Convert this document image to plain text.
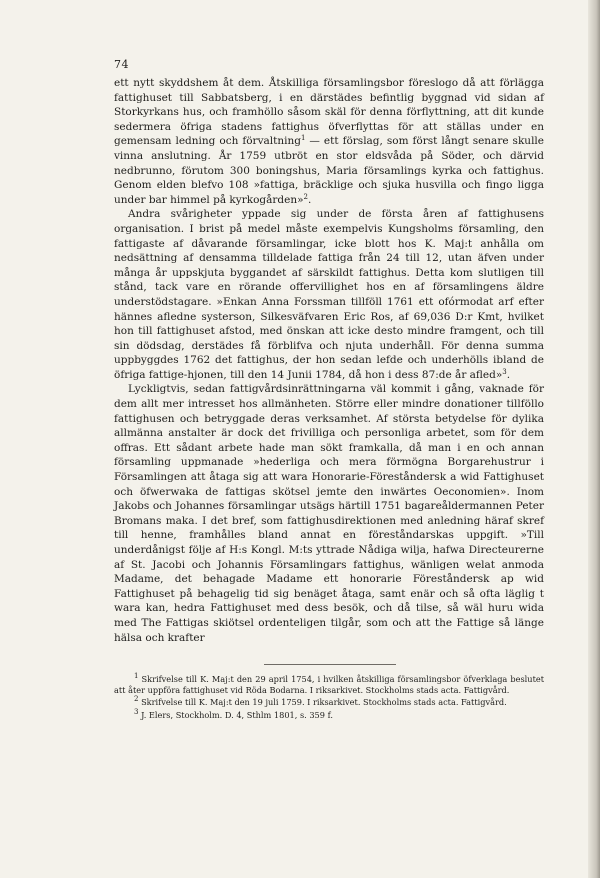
74

ett nytt skyddshem åt dem. Åtskilliga församlingsbor föreslogo då att förlägga fattighuset till Sabbatsberg, i en därstädes befintlig byggnad vid sidan af Storkyrkans hus, och framhöllo såsom skäl för denna förflyttning, att dit kunde sedermera öfriga stadens fattighus öfverflyttas för att ställas under en gemensam ledning och förvaltning$^1$ — ett förslag, som först långt senare skulle vinna anslutning. År 1759 utbröt en stor eldsvåda på Söder, och därvid nedbrunno, förutom 300 boningshus, Maria församlings kyrka och fattighus. Genom elden blefvo 108 »fattiga, bräcklige och sjuka husvilla och fingo ligga under bar himmel på kyrkogården»$^2$.

Andra svårigheter yppade sig under de första åren af fattighusens organisation. I brist på medel måste exempelvis Kungsholms församling, den fattigaste af dåvarande församlingar, icke blott hos K. Maj:t anhålla om nedsättning af densamma tilldelade fattiga från 24 till 12, utan äfven under många år uppskjuta byggandet af särskildt fattighus. Detta kom slutligen till stånd, tack vare en rörande offervillighet hos en af församlingens äldre understödstagare. »Enkan Anna Forssman tillföll 1761 ett ofórmodat arf efter hännes afledne systerson, Silkesväfvaren Eric Ros, af 69,036 D:r Kmt, hvilket hon till fattighuset afstod, med önskan att icke desto mindre framgent, och till sin dödsdag, derstädes få förblifva och njuta underhåll. För denna summa uppbyggdes 1762 det fattighus, der hon sedan lefde och underhölls ibland de öfriga fattige-hjonen, till den 14 Junii 1784, då hon i dess 87:de år afled»$^3$.

Lyckligtvis, sedan fattigvårdsinrättningarna väl kommit i gång, vaknade för dem allt mer intresset hos allmänheten. Större eller mindre donationer tillföllo fattighusen och betryggade deras verksamhet. Af största betydelse för dylika allmänna anstalter är dock det frivilliga och personliga arbetet, som för dem offras. Ett sådant arbete hade man sökt framkalla, då man i en och annan församling uppmanade »hederliga och mera förmögna Borgarehustrur i Församlingen att åtaga sig att wara Honorarie-Föreståndersk a wid Fattighuset och öfwerwaka de fattigas skötsel jemte den inwärtes Oeconomien». Inom Jakobs och Johannes församlingar utsägs härtill 1751 bagareåldermannen Peter Bromans maka. I det bref, som fattighusdirektionen med anledning häraf skref till henne, framhålles bland annat en föreståndarskas uppgift. »Till underdånigst följe af H:s Kongl. M:ts yttrade Nådiga wilja, hafwa Directeurerne af St. Jacobi och Johannis Församlingars fattighus, wänligen welat anmoda Madame, det behagade Madame ett honorarie Föreståndersk ap wid Fattighuset på behagelig tid sig benäget åtaga, samt enär och så ofta läglig t wara kan, hedra Fattighuset med dess besök, och då tilse, så wäl huru wida med The Fattigas skiötsel ordenteligen tilgår, som och att the Fattige så länge hälsa och krafter

$^1$ Skrifvelse till K. Maj:t den 29 april 1754, i hvilken åtskilliga församlingsbor öfverklaga beslutet att åter uppföra fattighuset vid Röda Bodarna. I riksarkivet. Stockholms stads acta. Fattigvård.

$^2$ Skrifvelse till K. Maj:t den 19 juli 1759. I riksarkivet. Stockholms stads acta. Fattigvård.

$^3$ J. Elers, Stockholm. D. 4, Sthlm 1801, s. 359 f.
